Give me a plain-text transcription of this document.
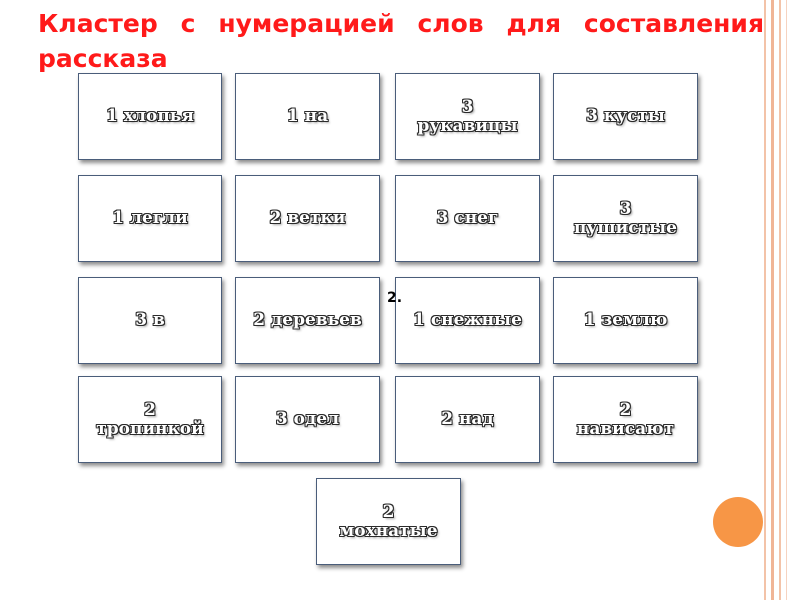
Кластер с нумерацией слов для составления рассказа
1 хлопья	1 на	3
рукавицы	3 кусты
1 легли	2 ветки	3 снег	3
пушистые
3 в	2 деревьев	1 снежные	1 землю
2
тропинкой	3 одел	2 над	2
нависают
2
мохнатые
2.
